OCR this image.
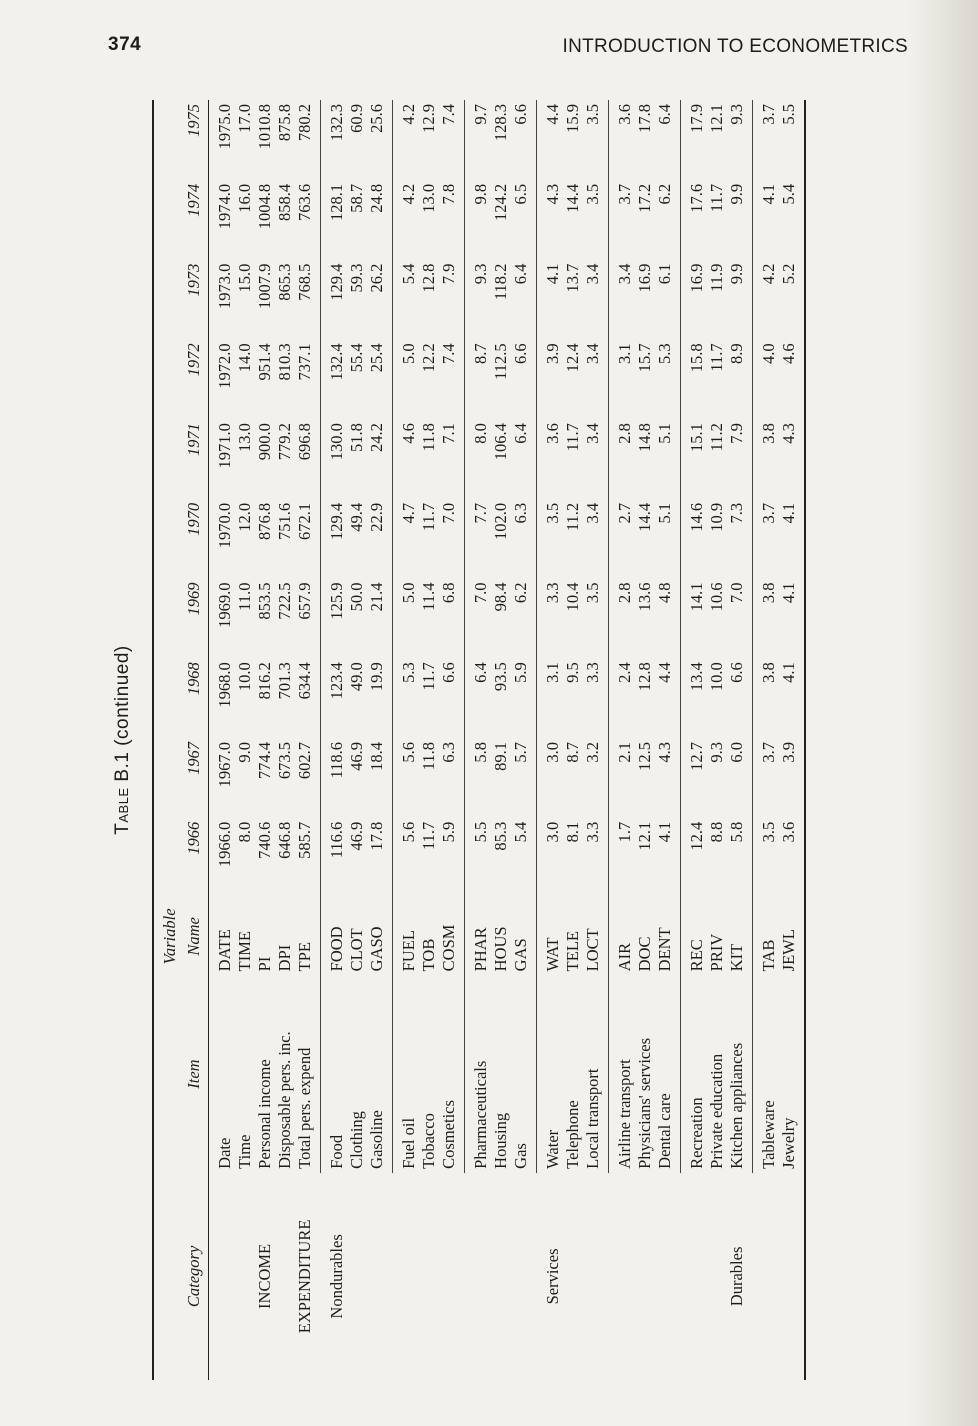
374	INTRODUCTION TO ECONOMETRICS
Table B.1 (continued)
		Variable										
Category	Item	Name	1966	1967	1968	1969	1970	1971	1972	1973	1974	1975
	Date	DATE	1966.0	1967.0	1968.0	1969.0	1970.0	1971.0	1972.0	1973.0	1974.0	1975.0
	Time	TIME	8.0	9.0	10.0	11.0	12.0	13.0	14.0	15.0	16.0	17.0
INCOME	Personal income	PI	740.6	774.4	816.2	853.5	876.8	900.0	951.4	1007.9	1004.8	1010.8
	Disposable pers. inc.	DPI	646.8	673.5	701.3	722.5	751.6	779.2	810.3	865.3	858.4	875.8
EXPENDITURE	Total pers. expend	TPE	585.7	602.7	634.4	657.9	672.1	696.8	737.1	768.5	763.6	780.2
Nondurables	Food	FOOD	116.6	118.6	123.4	125.9	129.4	130.0	132.4	129.4	128.1	132.3
	Clothing	CLOT	46.9	46.9	49.0	50.0	49.4	51.8	55.4	59.3	58.7	60.9
	Gasoline	GASO	17.8	18.4	19.9	21.4	22.9	24.2	25.4	26.2	24.8	25.6
	Fuel oil	FUEL	5.6	5.6	5.3	5.0	4.7	4.6	5.0	5.4	4.2	4.2
	Tobacco	TOB	11.7	11.8	11.7	11.4	11.7	11.8	12.2	12.8	13.0	12.9
	Cosmetics	COSM	5.9	6.3	6.6	6.8	7.0	7.1	7.4	7.9	7.8	7.4
	Pharmaceuticals	PHAR	5.5	5.8	6.4	7.0	7.7	8.0	8.7	9.3	9.8	9.7
	Housing	HOUS	85.3	89.1	93.5	98.4	102.0	106.4	112.5	118.2	124.2	128.3
	Gas	GAS	5.4	5.7	5.9	6.2	6.3	6.4	6.6	6.4	6.5	6.6
Services	Water	WAT	3.0	3.0	3.1	3.3	3.5	3.6	3.9	4.1	4.3	4.4
	Telephone	TELE	8.1	8.7	9.5	10.4	11.2	11.7	12.4	13.7	14.4	15.9
	Local transport	LOCT	3.3	3.2	3.3	3.5	3.4	3.4	3.4	3.4	3.5	3.5
	Airline transport	AIR	1.7	2.1	2.4	2.8	2.7	2.8	3.1	3.4	3.7	3.6
	Physicians' services	DOC	12.1	12.5	12.8	13.6	14.4	14.8	15.7	16.9	17.2	17.8
	Dental care	DENT	4.1	4.3	4.4	4.8	5.1	5.1	5.3	6.1	6.2	6.4
	Recreation	REC	12.4	12.7	13.4	14.1	14.6	15.1	15.8	16.9	17.6	17.9
	Private education	PRIV	8.8	9.3	10.0	10.6	10.9	11.2	11.7	11.9	11.7	12.1
Durables	Kitchen appliances	KIT	5.8	6.0	6.6	7.0	7.3	7.9	8.9	9.9	9.9	9.3
	Tableware	TAB	3.5	3.7	3.8	3.8	3.7	3.8	4.0	4.2	4.1	3.7
	Jewelry	JEWL	3.6	3.9	4.1	4.1	4.1	4.3	4.6	5.2	5.4	5.5
